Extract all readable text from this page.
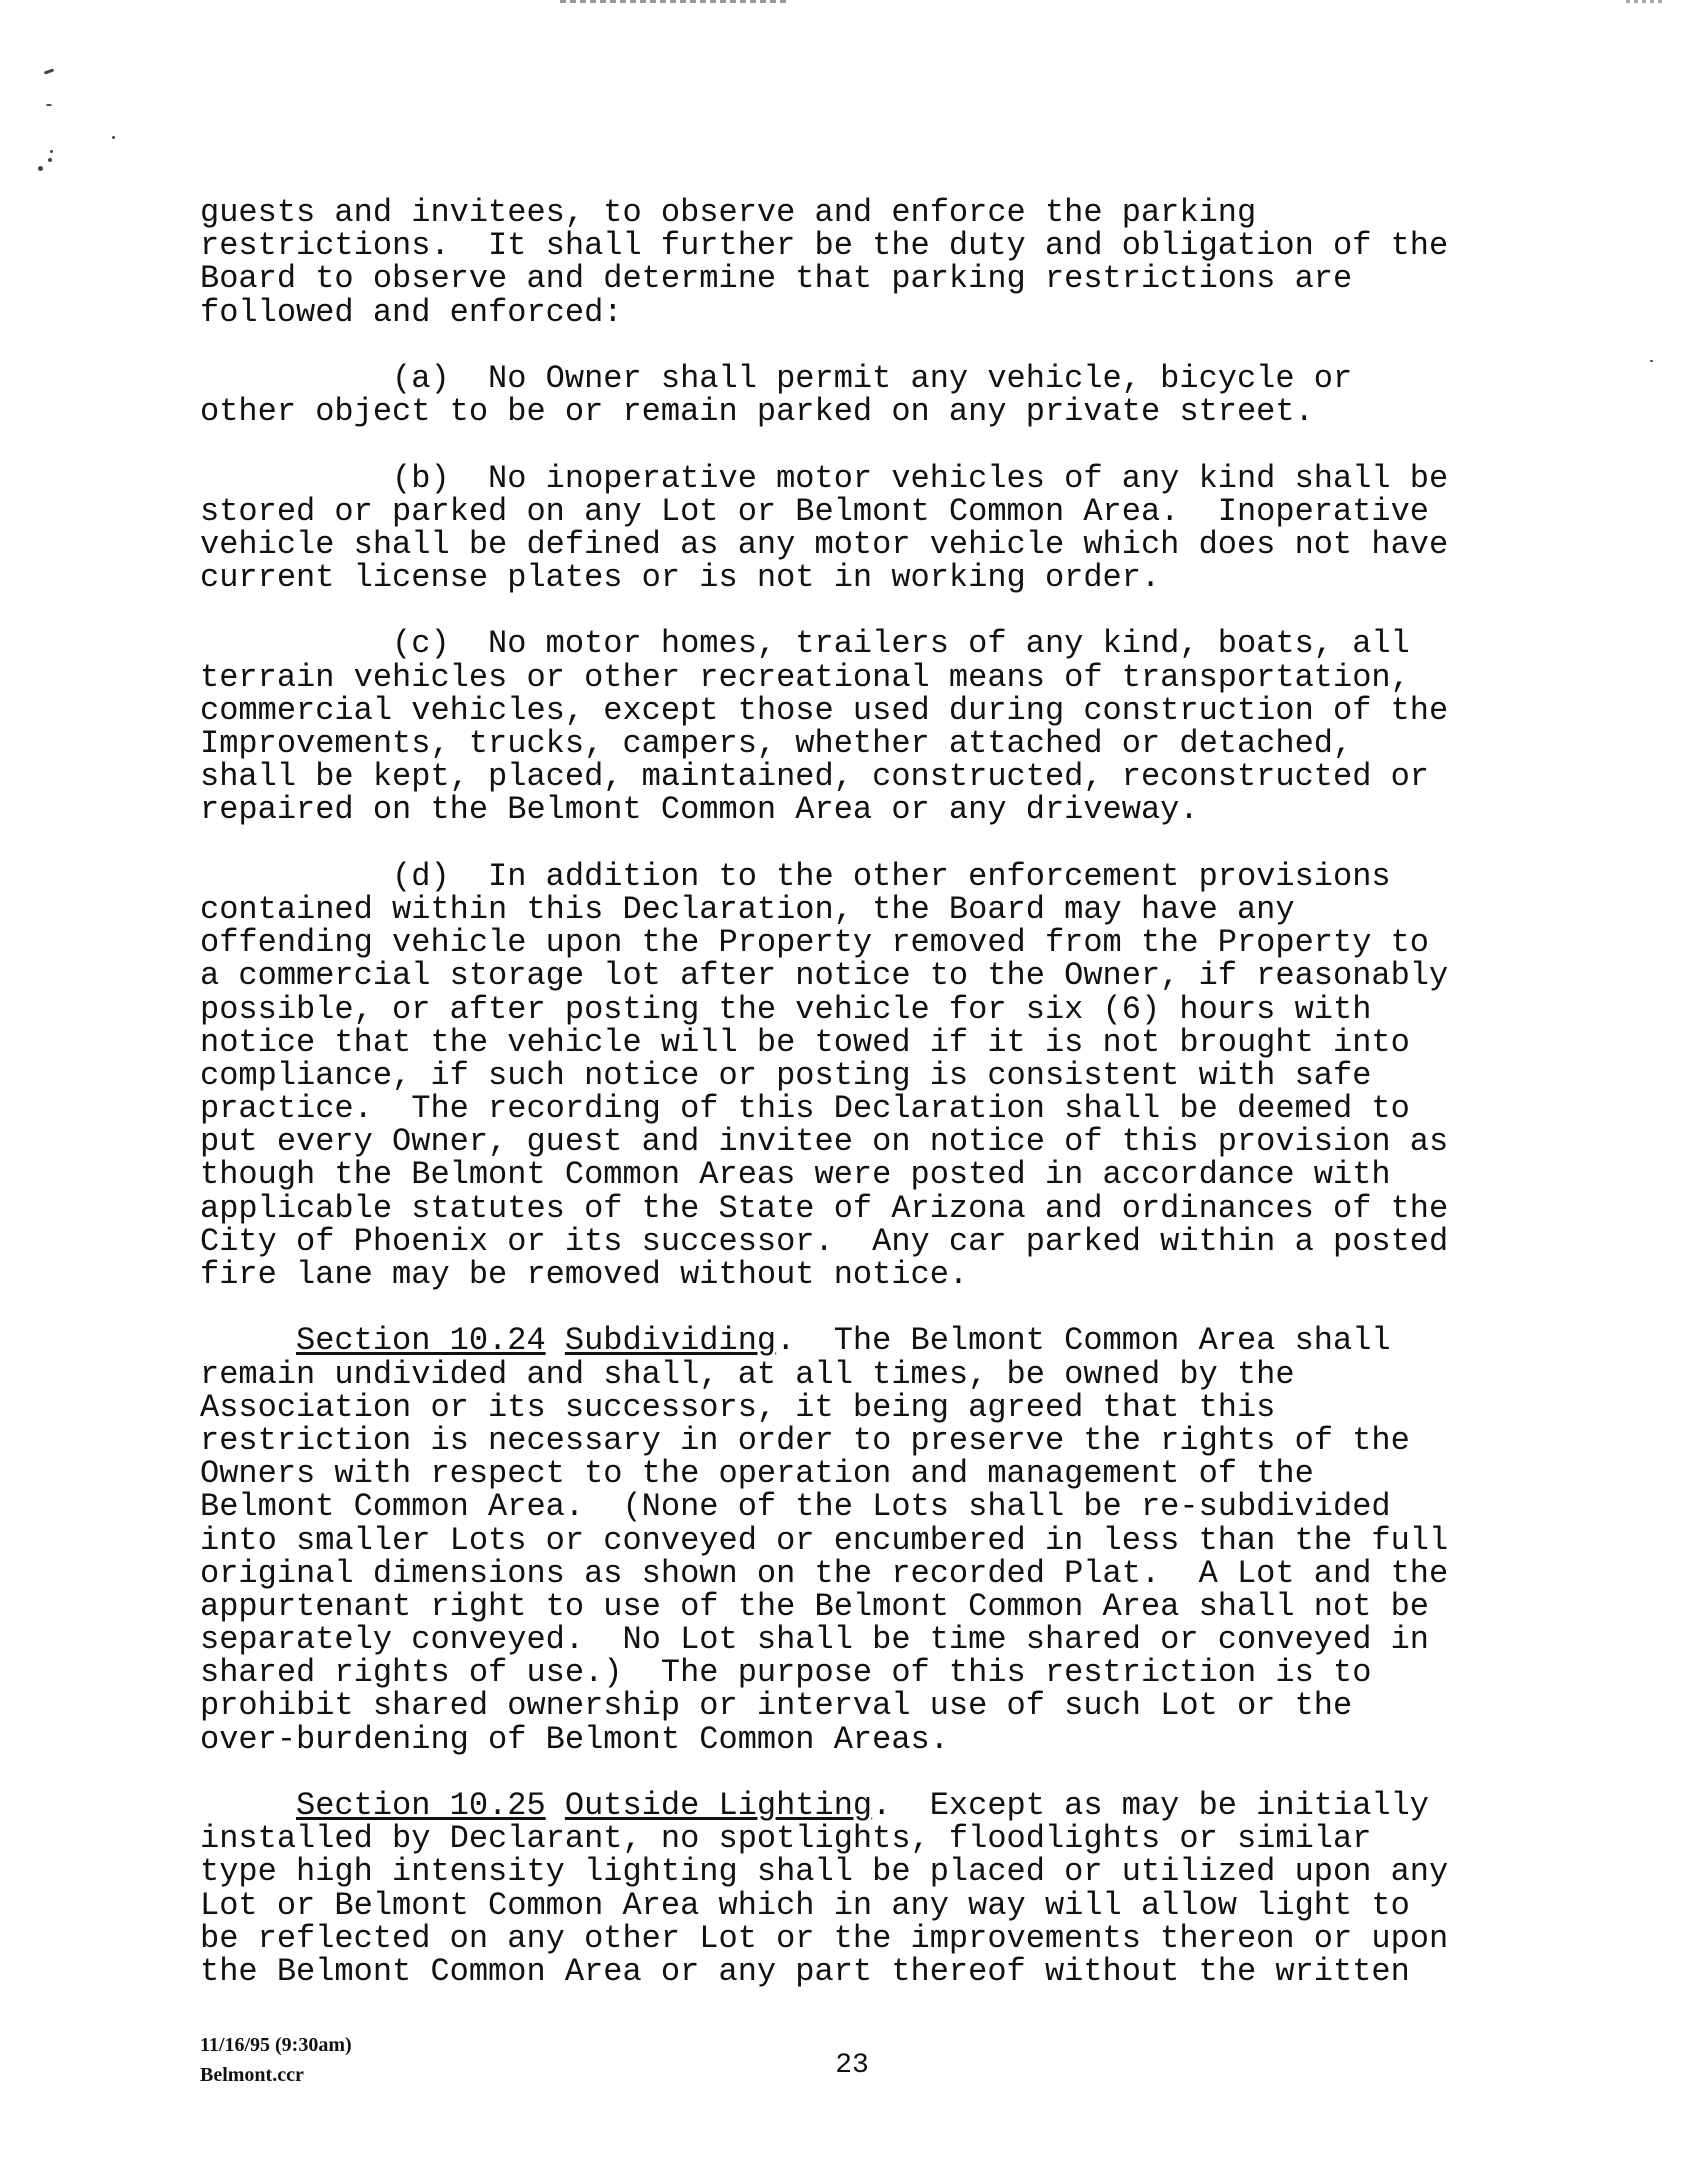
guests and invitees, to observe and enforce the parking
restrictions.  It shall further be the duty and obligation of the
Board to observe and determine that parking restrictions are
followed and enforced:
(a)  No Owner shall permit any vehicle, bicycle or
other object to be or remain parked on any private street.
(b)  No inoperative motor vehicles of any kind shall be
stored or parked on any Lot or Belmont Common Area.  Inoperative
vehicle shall be defined as any motor vehicle which does not have
current license plates or is not in working order.
(c)  No motor homes, trailers of any kind, boats, all
terrain vehicles or other recreational means of transportation,
commercial vehicles, except those used during construction of the
Improvements, trucks, campers, whether attached or detached,
shall be kept, placed, maintained, constructed, reconstructed or
repaired on the Belmont Common Area or any driveway.
(d)  In addition to the other enforcement provisions
contained within this Declaration, the Board may have any
offending vehicle upon the Property removed from the Property to
a commercial storage lot after notice to the Owner, if reasonably
possible, or after posting the vehicle for six (6) hours with
notice that the vehicle will be towed if it is not brought into
compliance, if such notice or posting is consistent with safe
practice.  The recording of this Declaration shall be deemed to
put every Owner, guest and invitee on notice of this provision as
though the Belmont Common Areas were posted in accordance with
applicable statutes of the State of Arizona and ordinances of the
City of Phoenix or its successor.  Any car parked within a posted
fire lane may be removed without notice.
Section 10.24 Subdividing.  The Belmont Common Area shall
remain undivided and shall, at all times, be owned by the
Association or its successors, it being agreed that this
restriction is necessary in order to preserve the rights of the
Owners with respect to the operation and management of the
Belmont Common Area.  (None of the Lots shall be re-subdivided
into smaller Lots or conveyed or encumbered in less than the full
original dimensions as shown on the recorded Plat.  A Lot and the
appurtenant right to use of the Belmont Common Area shall not be
separately conveyed.  No Lot shall be time shared or conveyed in
shared rights of use.)  The purpose of this restriction is to
prohibit shared ownership or interval use of such Lot or the
over-burdening of Belmont Common Areas.
Section 10.25 Outside Lighting.  Except as may be initially
installed by Declarant, no spotlights, floodlights or similar
type high intensity lighting shall be placed or utilized upon any
Lot or Belmont Common Area which in any way will allow light to
be reflected on any other Lot or the improvements thereon or upon
the Belmont Common Area or any part thereof without the written
11/16/95 (9:30am)
Belmont.ccr	23
